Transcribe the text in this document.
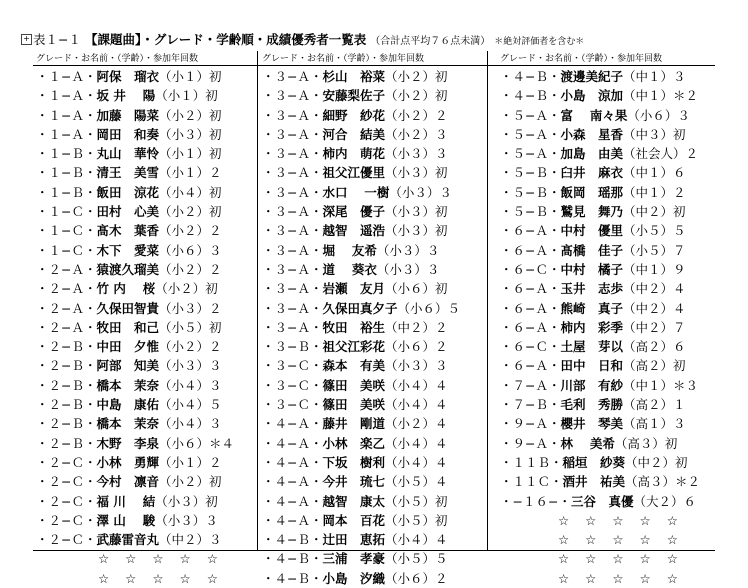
+ 表１−１ 【課題曲】・グレード・学齢順・成績優秀者一覧表 （合計点平均７６点未満） ＊絶対評価者を含む＊
グレード・お名前・（学齢）・参加年回数
・１−Ａ・阿保　瑠衣（小１）初
・１−Ａ・坂 井　 陽（小１）初
・１−Ａ・加藤　陽菜（小２）初
・１−Ａ・岡田　和奏（小３）初
・１−Ｂ・丸山　華怜（小１）初
・１−Ｂ・清王　美雪（小１）２
・１−Ｂ・飯田　涼花（小４）初
・１−Ｃ・田村　心美（小２）初
・１−Ｃ・髙木　葉香（小２）２
・１−Ｃ・木下　愛菜（小６）３
・２−Ａ・猿渡久瑠美（小２）２
・２−Ａ・竹 内　 桜（小２）初
・２−Ａ・久保田智貴（小３）２
・２−Ａ・牧田　和己（小５）初
・２−Ｂ・中田　夕惟（小２）２
・２−Ｂ・阿部　知美（小３）３
・２−Ｂ・橋本　茉奈（小４）３
・２−Ｂ・中島　康佑（小４）５
・２−Ｂ・橋本　茉奈（小４）３
・２−Ｂ・木野　李泉（小６）＊４
・２−Ｃ・小林　勇輝（小１）２
・２−Ｃ・今村　凛音（小２）初
・２−Ｃ・福 川　 結（小３）初
・２−Ｃ・澤 山　 駿（小３）３
・２−Ｃ・武藤雷音丸（中２）３
☆ ☆ ☆ ☆ ☆
☆ ☆ ☆ ☆ ☆
グレード・お名前・（学齢）・参加年回数
・３−Ａ・杉山　裕菜（小２）初
・３−Ａ・安藤梨佐子（小２）初
・３−Ａ・細野　紗花（小２）２
・３−Ａ・河合　結美（小２）３
・３−Ａ・柿内　萌花（小３）３
・３−Ａ・祖父江優里（小３）初
・３−Ａ・水口　 一樹（小３）３
・３−Ａ・深尾　優子（小３）初
・３−Ａ・越智　遥浩（小３）初
・３−Ａ・堀　 友希（小３）３
・３−Ａ・道　 葵衣（小３）３
・３−Ａ・岩瀬　友月（小６）初
・３−Ａ・久保田真夕子（小６）５
・３−Ａ・牧田　裕生（中２）２
・３−Ｂ・祖父江彩花（小６）２
・３−Ｃ・森本　有美（小３）３
・３−Ｃ・篠田　美咲（小４）４
・３−Ｃ・篠田　美咲（小４）４
・４−Ａ・藤井　剛道（小２）４
・４−Ａ・小林　楽乙（小４）４
・４−Ａ・下坂　樹利（小４）４
・４−Ａ・今井　琉七（小５）４
・４−Ａ・越智　康太（小５）初
・４−Ａ・岡本　百花（小５）初
・４−Ｂ・辻田　恵拓（小４）４
・４−Ｂ・三浦　孝豪（小５）５
・４−Ｂ・小島　汐織（小６）２
グレード・お名前・（学齢）・参加年回数
・４−Ｂ・渡邊美紀子（中１）３
・４−Ｂ・小島　涼加（中１）＊２
・５−Ａ・富　 南々果（小６）３
・５−Ａ・小森　星香（中３）初
・５−Ａ・加島　由美（社会人）２
・５−Ｂ・臼井　麻衣（中１）６
・５−Ｂ・飯岡　瑶那（中１）２
・５−Ｂ・鷲見　舞乃（中２）初
・６−Ａ・中村　優里（小５）５
・６−Ａ・髙橋　佳子（小５）７
・６−Ｃ・中村　橘子（中１）９
・６−Ａ・玉井　志歩（中２）４
・６−Ａ・熊崎　真子（中２）４
・６−Ａ・柿内　彩季（中２）７
・６−Ｃ・土屋　芽以（高２）６
・６−Ａ・田中　日和（高２）初
・７−Ａ・川部　有紗（中１）＊３
・７−Ｂ・毛利　秀勝（高２）１
・９−Ａ・櫻井　琴美（高１）３
・９−Ａ・林　 美希（高３）初
・１１Ｂ・稲垣　紗葵（中２）初
・１１Ｃ・酒井　祐美（高３）＊２
・−１６−・三谷　真優（大２）６
☆ ☆ ☆ ☆ ☆
☆ ☆ ☆ ☆ ☆
☆ ☆ ☆ ☆ ☆
☆ ☆ ☆ ☆ ☆
